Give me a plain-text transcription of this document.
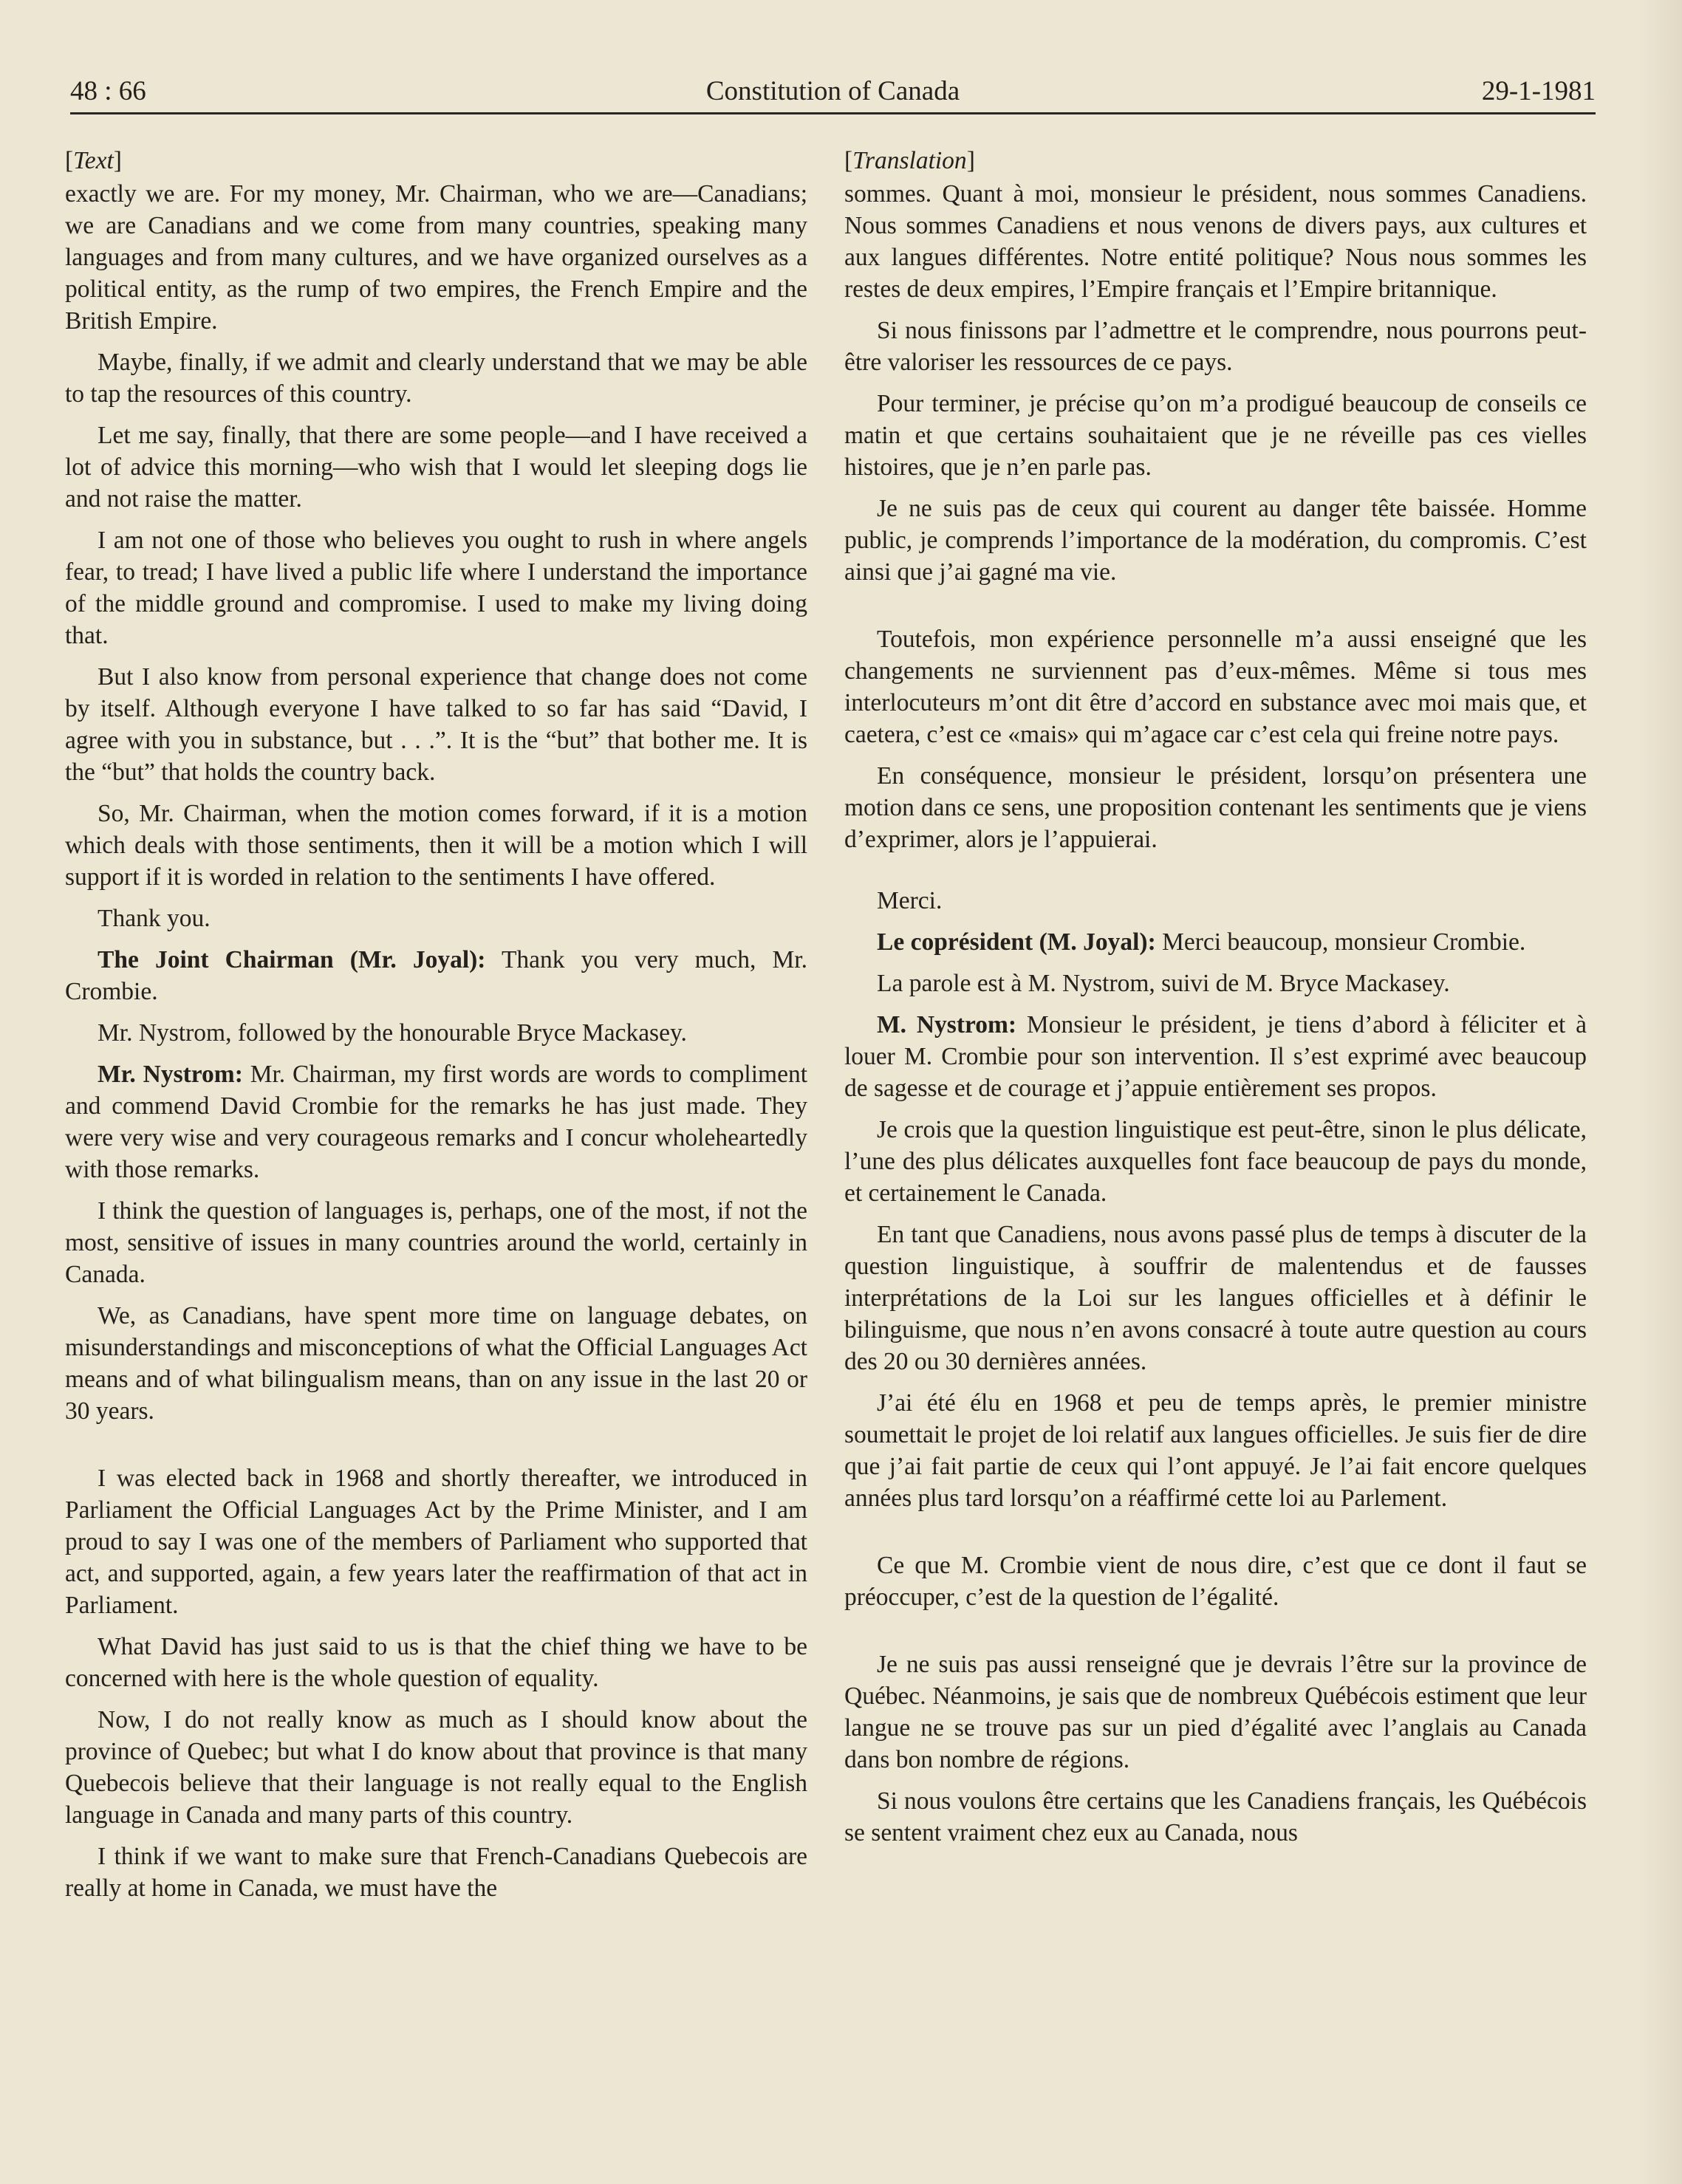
48 : 66	Constitution of Canada	29-1-1981
[Text]

exactly we are. For my money, Mr. Chairman, who we are—Canadians; we are Canadians and we come from many countries, speaking many languages and from many cultures, and we have organized ourselves as a political entity, as the rump of two empires, the French Empire and the British Empire.

Maybe, finally, if we admit and clearly understand that we may be able to tap the resources of this country.

Let me say, finally, that there are some people—and I have received a lot of advice this morning—who wish that I would let sleeping dogs lie and not raise the matter.

I am not one of those who believes you ought to rush in where angels fear, to tread; I have lived a public life where I understand the importance of the middle ground and compromise. I used to make my living doing that.

But I also know from personal experience that change does not come by itself. Although everyone I have talked to so far has said “David, I agree with you in substance, but . . .”. It is the “but” that bother me. It is the “but” that holds the country back.

So, Mr. Chairman, when the motion comes forward, if it is a motion which deals with those sentiments, then it will be a motion which I will support if it is worded in relation to the sentiments I have offered.

Thank you.

The Joint Chairman (Mr. Joyal): Thank you very much, Mr. Crombie.

Mr. Nystrom, followed by the honourable Bryce Mackasey.

Mr. Nystrom: Mr. Chairman, my first words are words to compliment and commend David Crombie for the remarks he has just made. They were very wise and very courageous remarks and I concur wholeheartedly with those remarks.

I think the question of languages is, perhaps, one of the most, if not the most, sensitive of issues in many countries around the world, certainly in Canada.

We, as Canadians, have spent more time on language debates, on misunderstandings and misconceptions of what the Official Languages Act means and of what bilingualism means, than on any issue in the last 20 or 30 years.

I was elected back in 1968 and shortly thereafter, we introduced in Parliament the Official Languages Act by the Prime Minister, and I am proud to say I was one of the members of Parliament who supported that act, and supported, again, a few years later the reaffirmation of that act in Parliament.

What David has just said to us is that the chief thing we have to be concerned with here is the whole question of equality.

Now, I do not really know as much as I should know about the province of Quebec; but what I do know about that province is that many Quebecois believe that their language is not really equal to the English language in Canada and many parts of this country.

I think if we want to make sure that French-Canadians Quebecois are really at home in Canada, we must have the

[Translation]

sommes. Quant à moi, monsieur le président, nous sommes Canadiens. Nous sommes Canadiens et nous venons de divers pays, aux cultures et aux langues différentes. Notre entité politique? Nous nous sommes les restes de deux empires, l’Empire français et l’Empire britannique.

Si nous finissons par l’admettre et le comprendre, nous pourrons peut-être valoriser les ressources de ce pays.

Pour terminer, je précise qu’on m’a prodigué beaucoup de conseils ce matin et que certains souhaitaient que je ne réveille pas ces vielles histoires, que je n’en parle pas.

Je ne suis pas de ceux qui courent au danger tête baissée. Homme public, je comprends l’importance de la modération, du compromis. C’est ainsi que j’ai gagné ma vie.

Toutefois, mon expérience personnelle m’a aussi enseigné que les changements ne surviennent pas d’eux-mêmes. Même si tous mes interlocuteurs m’ont dit être d’accord en substance avec moi mais que, et caetera, c’est ce «mais» qui m’agace car c’est cela qui freine notre pays.

En conséquence, monsieur le président, lorsqu’on présentera une motion dans ce sens, une proposition contenant les sentiments que je viens d’exprimer, alors je l’appuierai.

Merci.

Le coprésident (M. Joyal): Merci beaucoup, monsieur Crombie.

La parole est à M. Nystrom, suivi de M. Bryce Mackasey.

M. Nystrom: Monsieur le président, je tiens d’abord à féliciter et à louer M. Crombie pour son intervention. Il s’est exprimé avec beaucoup de sagesse et de courage et j’appuie entièrement ses propos.

Je crois que la question linguistique est peut-être, sinon le plus délicate, l’une des plus délicates auxquelles font face beaucoup de pays du monde, et certainement le Canada.

En tant que Canadiens, nous avons passé plus de temps à discuter de la question linguistique, à souffrir de malentendus et de fausses interprétations de la Loi sur les langues officielles et à définir le bilinguisme, que nous n’en avons consacré à toute autre question au cours des 20 ou 30 dernières années.

J’ai été élu en 1968 et peu de temps après, le premier ministre soumettait le projet de loi relatif aux langues officielles. Je suis fier de dire que j’ai fait partie de ceux qui l’ont appuyé. Je l’ai fait encore quelques années plus tard lorsqu’on a réaffirmé cette loi au Parlement.

Ce que M. Crombie vient de nous dire, c’est que ce dont il faut se préoccuper, c’est de la question de l’égalité.

Je ne suis pas aussi renseigné que je devrais l’être sur la province de Québec. Néanmoins, je sais que de nombreux Québécois estiment que leur langue ne se trouve pas sur un pied d’égalité avec l’anglais au Canada dans bon nombre de régions.

Si nous voulons être certains que les Canadiens français, les Québécois se sentent vraiment chez eux au Canada, nous
